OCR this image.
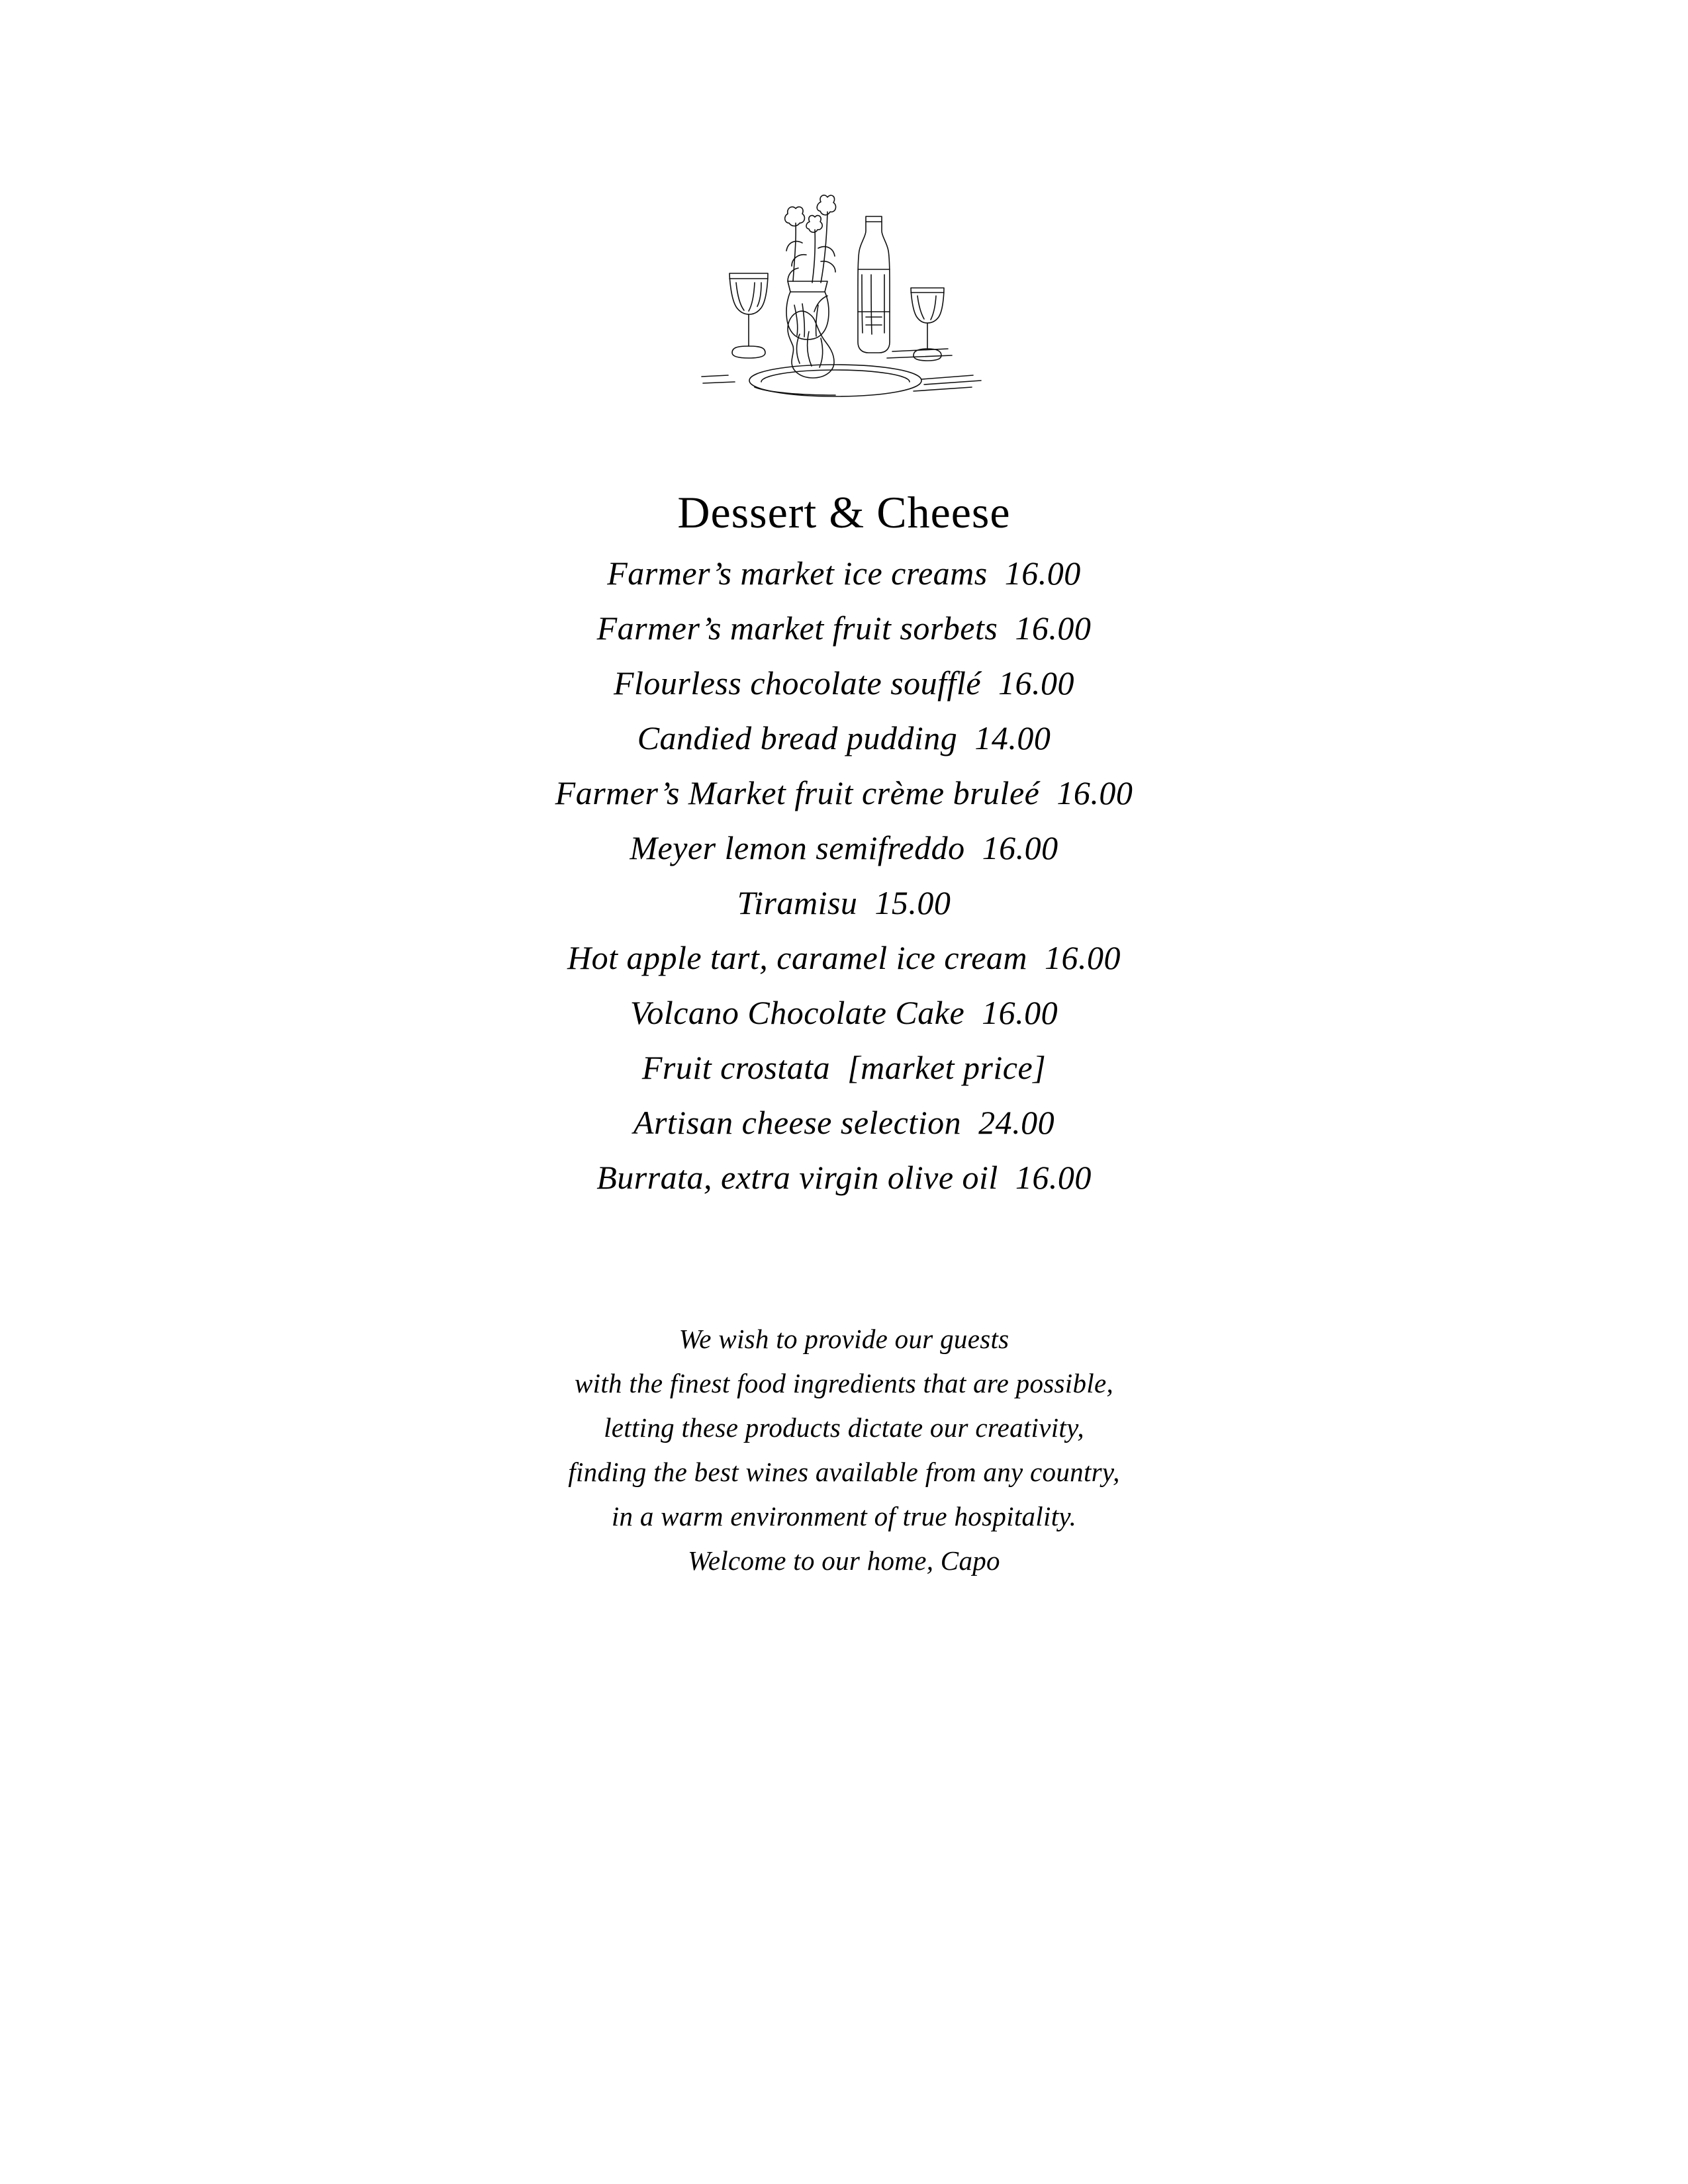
Dessert & Cheese
Farmer’s market ice creams 16.00
Farmer’s market fruit sorbets 16.00
Flourless chocolate soufflé 16.00
Candied bread pudding 14.00
Farmer’s Market fruit crème bruleé 16.00
Meyer lemon semifreddo 16.00
Tiramisu 15.00
Hot apple tart, caramel ice cream 16.00
Volcano Chocolate Cake 16.00
Fruit crostata [market price]
Artisan cheese selection 24.00
Burrata, extra virgin olive oil 16.00
We wish to provide our guests
with the finest food ingredients that are possible,
letting these products dictate our creativity,
finding the best wines available from any country,
in a warm environment of true hospitality.
Welcome to our home, Capo
